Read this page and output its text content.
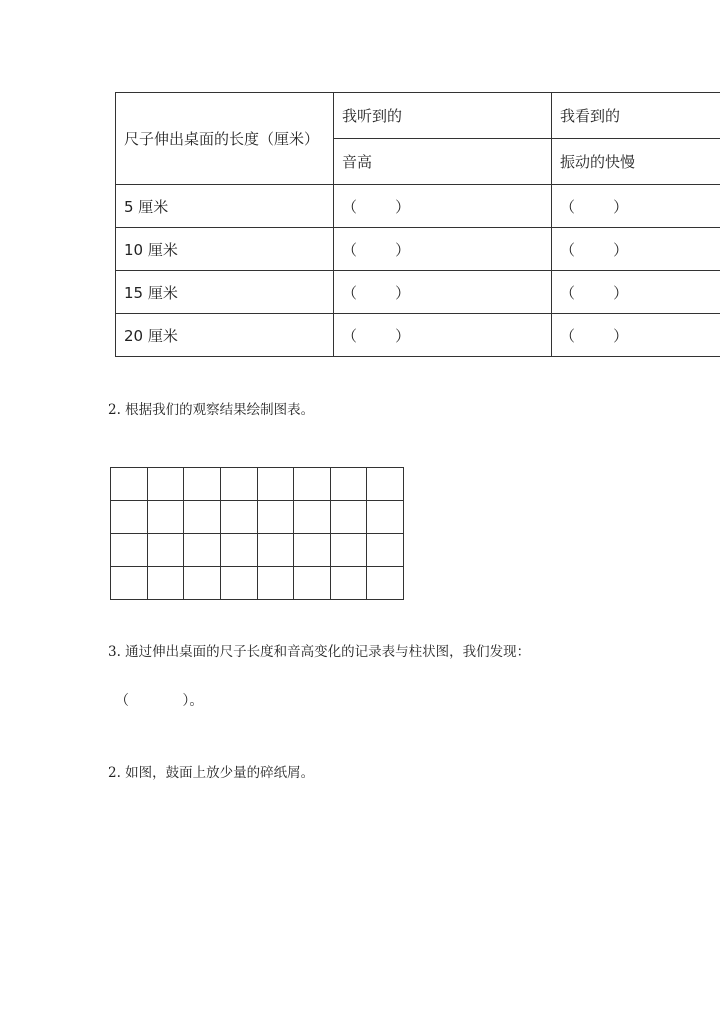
尺子伸出桌面的长度（厘米）	我听到的	我看到的
	音高	振动的快慢
5 厘米	（        ）	（        ）
10 厘米	（        ）	（        ）
15 厘米	（        ）	（        ）
20 厘米	（        ）	（        ）

2. 根据我们的观察结果绘制图表。

3. 通过伸出桌面的尺子长度和音高变化的记录表与柱状图，我们发现：

（            ）。

2. 如图，鼓面上放少量的碎纸屑。
